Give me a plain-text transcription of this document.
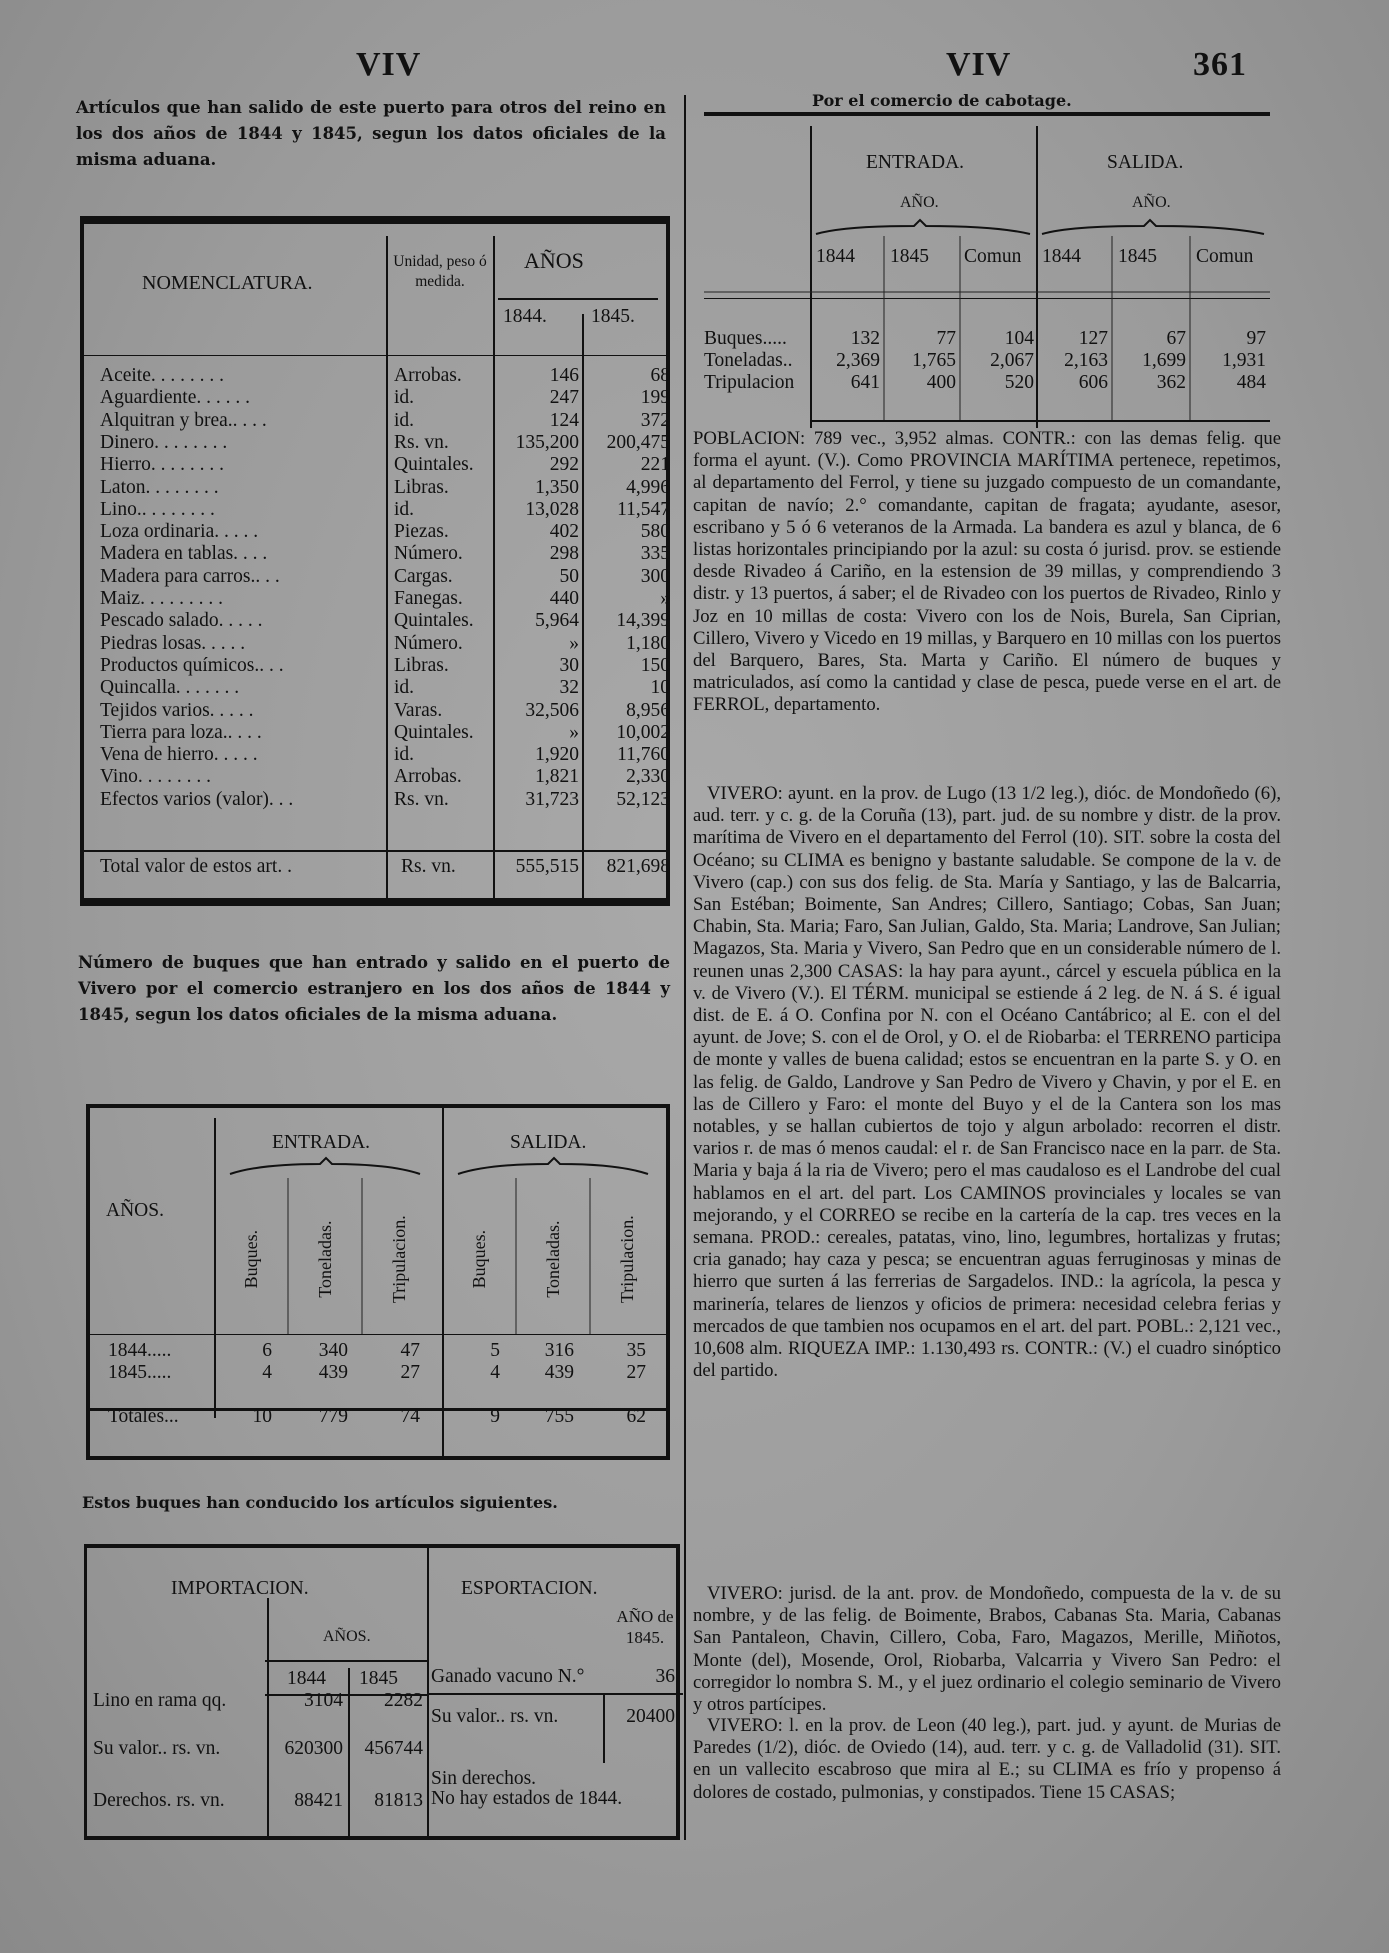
VIV	VIV	361
Artículos que han salido de este puerto para otros del reino en los dos años de 1844 y 1845, segun los datos oficiales de la misma aduana.
NOMENCLATURA.
Unidad, peso ó medida.
AÑOS
1844. 1845.
Aceite. . . . . . . .	Arrobas.	146	68
Aguardiente. . . . . .	id.	247	199
Alquitran y brea.. . . .	id.	124	372
Dinero. . . . . . . .	Rs. vn.	135,200	200,475
Hierro. . . . . . . .	Quintales.	292	221
Laton. . . . . . . .	Libras.	1,350	4,996
Lino.. . . . . . . .	id.	13,028	11,547
Loza ordinaria. . . . .	Piezas.	402	580
Madera en tablas. . . .	Número.	298	335
Madera para carros.. . .	Cargas.	50	300
Maiz. . . . . . . . .	Fanegas.	440	»
Pescado salado. . . . .	Quintales.	5,964	14,399
Piedras losas. . . . .	Número.	»	1,180
Productos químicos.. . .	Libras.	30	150
Quincalla. . . . . . .	id.	32	10
Tejidos varios. . . . .	Varas.	32,506	8,956
Tierra para loza.. . . .	Quintales.	»	10,002
Vena de hierro. . . . .	id.	1,920	11,760
Vino. . . . . . . .	Arrobas.	1,821	2,330
Efectos varios (valor). . .	Rs. vn.	31,723	52,123
Total valor de estos art. .	Rs. vn.	555,515	821,698
Número de buques que han entrado y salido en el puerto de Vivero por el comercio estranjero en los dos años de 1844 y 1845, segun los datos oficiales de la misma aduana.
AÑOS.
ENTRADA.	SALIDA.
Buques.	Toneladas.	Tripulacion.	Buques.	Toneladas.	Tripulacion.
1844.....	6	340	47	5	316	35
1845.....	4	439	27	4	439	27
Totales...	10	779	74	9	755	62
Estos buques han conducido los artículos siguientes.
IMPORTACION.	ESPORTACION.
AÑOS.
1844 1845
AÑO de 1845.
Lino en rama qq.	3104	2282
Su valor.. rs. vn.	620300	456744
Derechos. rs. vn.	88421	81813
Ganado vacuno N.°	36
Su valor.. rs. vn.	20400
Sin derechos.
No hay estados de 1844.
Por el comercio de cabotage.
ENTRADA.	SALIDA.
AÑO.	AÑO.
1844 1845 Comun 1844 1845 Comun
Buques.....	132	77	104	127	67	97
Toneladas..	2,369	1,765	2,067	2,163	1,699	1,931
Tripulacion	641	400	520	606	362	484
POBLACION: 789 vec., 3,952 almas. CONTR.: con las demas felig. que forma el ayunt. (V.). Como PROVINCIA MARÍTIMA pertenece, repetimos, al departamento del Ferrol, y tiene su juzgado compuesto de un comandante, capitan de navío; 2.° comandante, capitan de fragata; ayudante, asesor, escribano y 5 ó 6 veteranos de la Armada. La bandera es azul y blanca, de 6 listas horizontales principiando por la azul: su costa ó jurisd. prov. se estiende desde Rivadeo á Cariño, en la estension de 39 millas, y comprendiendo 3 distr. y 13 puertos, á saber; el de Rivadeo con los puertos de Rivadeo, Rinlo y Joz en 10 millas de costa: Vivero con los de Nois, Burela, San Ciprian, Cillero, Vivero y Vicedo en 19 millas, y Barquero en 10 millas con los puertos del Barquero, Bares, Sta. Marta y Cariño. El número de buques y matriculados, así como la cantidad y clase de pesca, puede verse en el art. de FERROL, departamento.
VIVERO: ayunt. en la prov. de Lugo (13 1/2 leg.), dióc. de Mondoñedo (6), aud. terr. y c. g. de la Coruña (13), part. jud. de su nombre y distr. de la prov. marítima de Vivero en el departamento del Ferrol (10). SIT. sobre la costa del Océano; su CLIMA es benigno y bastante saludable. Se compone de la v. de Vivero (cap.) con sus dos felig. de Sta. María y Santiago, y las de Balcarria, San Estéban; Boimente, San Andres; Cillero, Santiago; Cobas, San Juan; Chabin, Sta. Maria; Faro, San Julian, Galdo, Sta. Maria; Landrove, San Julian; Magazos, Sta. Maria y Vivero, San Pedro que en un considerable número de l. reunen unas 2,300 CASAS: la hay para ayunt., cárcel y escuela pública en la v. de Vivero (V.). El TÉRM. municipal se estiende á 2 leg. de N. á S. é igual dist. de E. á O. Confina por N. con el Océano Cantábrico; al E. con el del ayunt. de Jove; S. con el de Orol, y O. el de Riobarba: el TERRENO participa de monte y valles de buena calidad; estos se encuentran en la parte S. y O. en las felig. de Galdo, Landrove y San Pedro de Vivero y Chavin, y por el E. en las de Cillero y Faro: el monte del Buyo y el de la Cantera son los mas notables, y se hallan cubiertos de tojo y algun arbolado: recorren el distr. varios r. de mas ó menos caudal: el r. de San Francisco nace en la parr. de Sta. Maria y baja á la ria de Vivero; pero el mas caudaloso es el Landrobe del cual hablamos en el art. del part. Los CAMINOS provinciales y locales se van mejorando, y el CORREO se recibe en la cartería de la cap. tres veces en la semana. PROD.: cereales, patatas, vino, lino, legumbres, hortalizas y frutas; cria ganado; hay caza y pesca; se encuentran aguas ferruginosas y minas de hierro que surten á las ferrerias de Sargadelos. IND.: la agrícola, la pesca y marinería, telares de lienzos y oficios de primera: necesidad celebra ferias y mercados de que tambien nos ocupamos en el art. del part. POBL.: 2,121 vec., 10,608 alm. RIQUEZA IMP.: 1.130,493 rs. CONTR.: (V.) el cuadro sinóptico del partido.
VIVERO: jurisd. de la ant. prov. de Mondoñedo, compuesta de la v. de su nombre, y de las felig. de Boimente, Brabos, Cabanas Sta. Maria, Cabanas San Pantaleon, Chavin, Cillero, Coba, Faro, Magazos, Merille, Miñotos, Monte (del), Mosende, Orol, Riobarba, Valcarria y Vivero San Pedro: el corregidor lo nombra S. M., y el juez ordinario el colegio seminario de Vivero y otros partícipes.
VIVERO: l. en la prov. de Leon (40 leg.), part. jud. y ayunt. de Murias de Paredes (1/2), dióc. de Oviedo (14), aud. terr. y c. g. de Valladolid (31). SIT. en un vallecito escabroso que mira al E.; su CLIMA es frío y propenso á dolores de costado, pulmonias, y constipados. Tiene 15 CASAS;
